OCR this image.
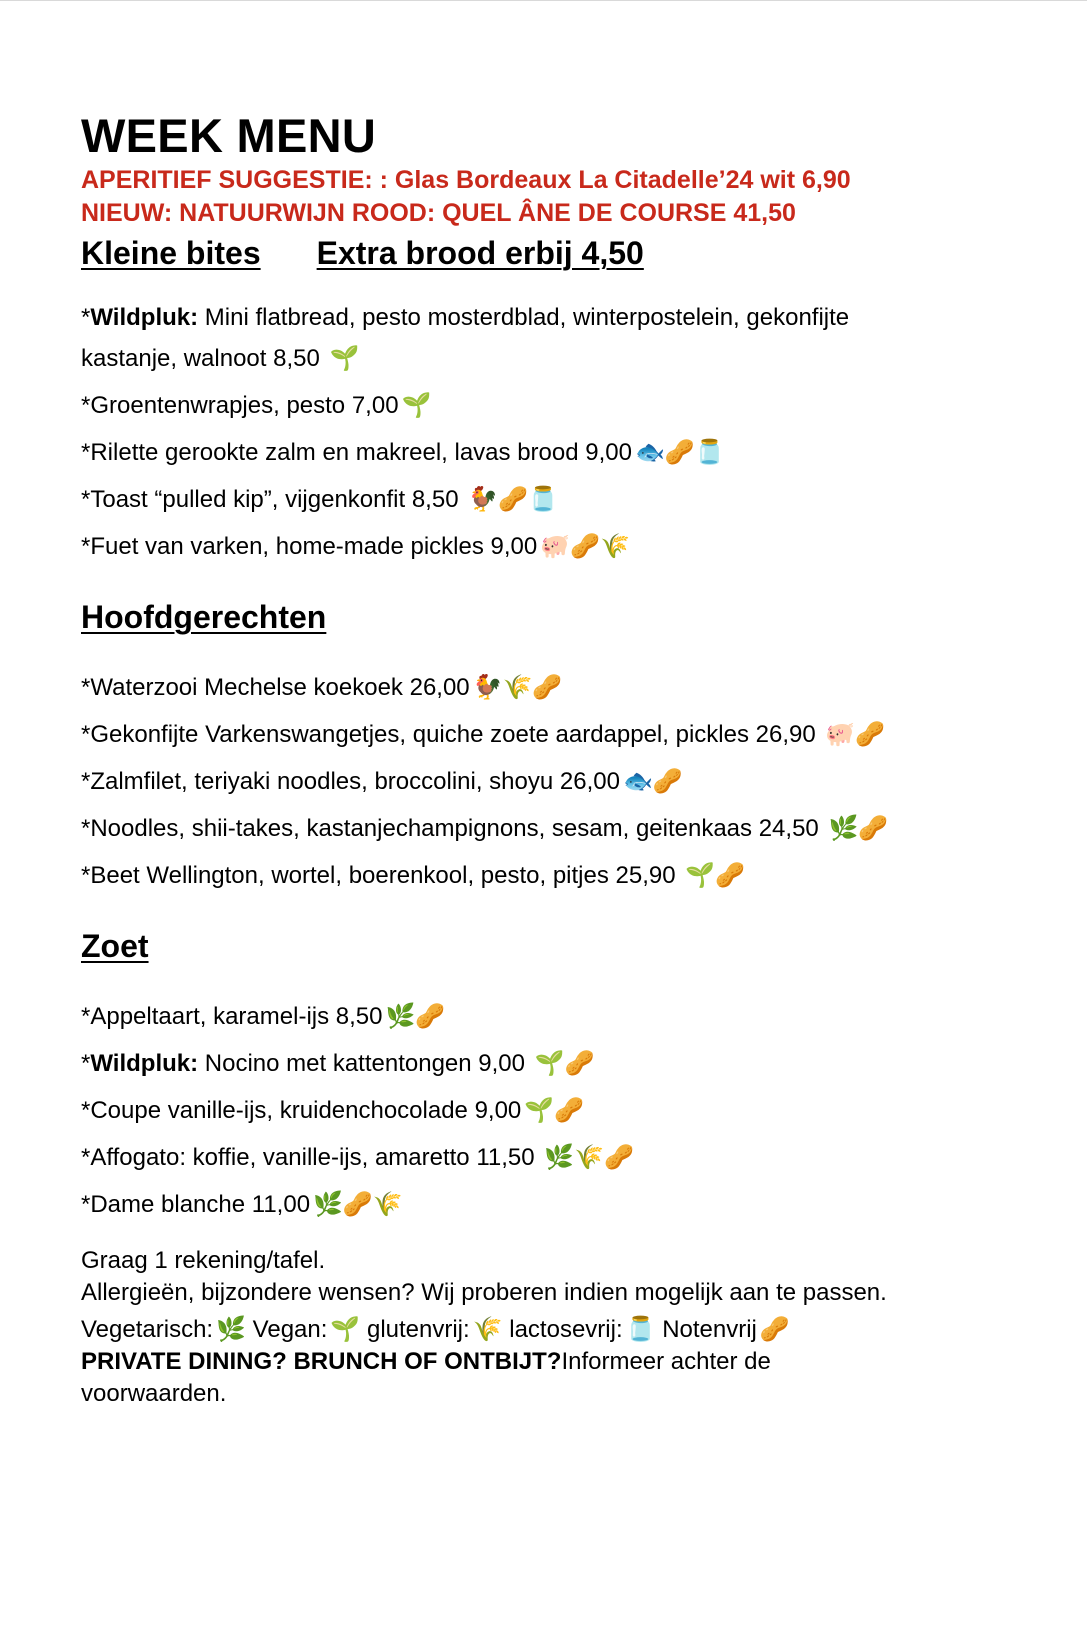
WEEK MENU
APERITIEF SUGGESTIE: : Glas Bordeaux La Citadelle’24 wit 6,90
NIEUW: NATUURWIJN ROOD: QUEL ÂNE DE COURSE 41,50
Kleine bites Extra brood erbij 4,50
*Wildpluk: Mini flatbread, pesto mosterdblad, winterpostelein, gekonfijte kastanje, walnoot 8,50 🌱
*Groentenwrapjes, pesto 7,00 🌱
*Rilette gerookte zalm en makreel, lavas brood 9,00 🐟🥜🫙
*Toast “pulled kip”, vijgenkonfit 8,50 🐓🥜🫙
*Fuet van varken, home-made pickles 9,00 🐖🥜🌾
Hoofdgerechten
*Waterzooi Mechelse koekoek 26,00 🐓🌾🥜
*Gekonfijte Varkenswangetjes, quiche zoete aardappel, pickles 26,90 🐖🥜
*Zalmfilet, teriyaki noodles, broccolini, shoyu 26,00 🐟🥜
*Noodles, shii-takes, kastanjechampignons, sesam, geitenkaas 24,50 🌿🥜
*Beet Wellington, wortel, boerenkool, pesto, pitjes 25,90 🌱🥜
Zoet
*Appeltaart, karamel-ijs 8,50 🌿🥜
*Wildpluk: Nocino met kattentongen 9,00 🌱🥜
*Coupe vanille-ijs, kruidenchocolade 9,00 🌱🥜
*Affogato: koffie, vanille-ijs, amaretto 11,50 🌿🌾🥜
*Dame blanche 11,00 🌿🥜🌾
Graag 1 rekening/tafel.
Allergieën, bijzondere wensen? Wij proberen indien mogelijk aan te passen.
Vegetarisch: 🌿 Vegan: 🌱 glutenvrij: 🌾 lactosevrij: 🫙 Notenvrij 🥜
PRIVATE DINING? BRUNCH OF ONTBIJT?Informeer achter de voorwaarden.
